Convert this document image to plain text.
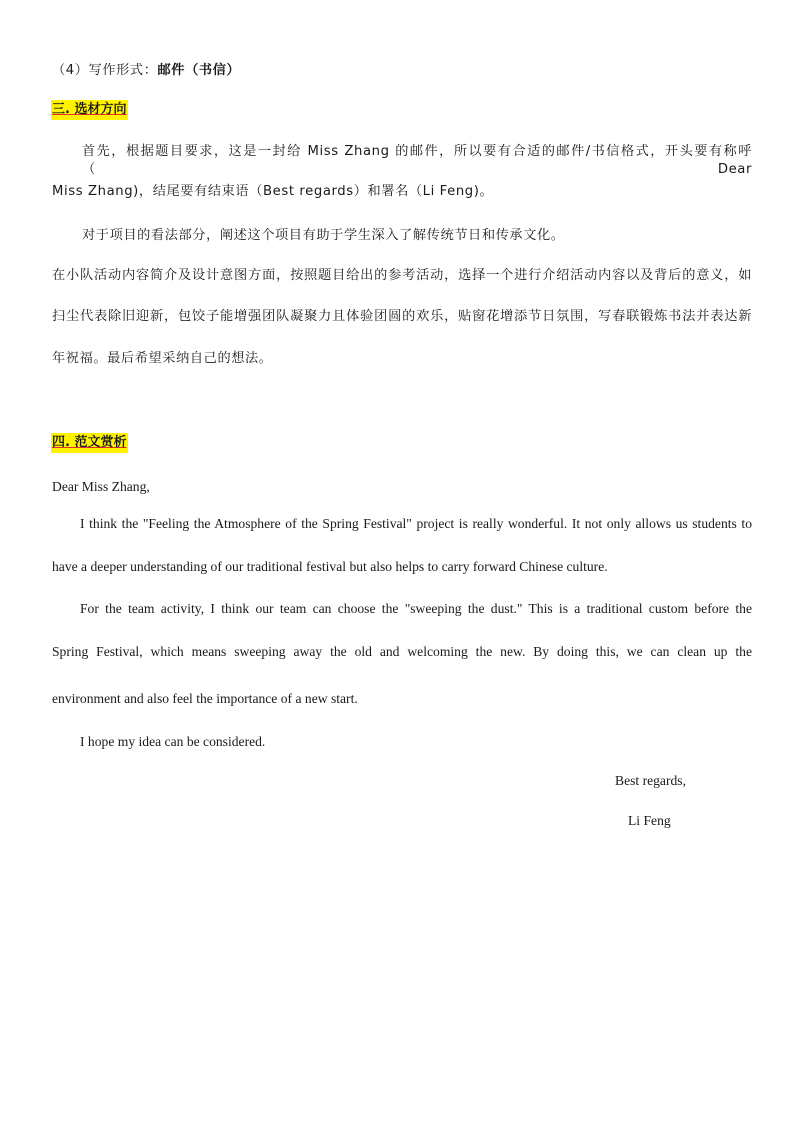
（4）写作形式：邮件（书信）
三. 选材方向
首先，根据题目要求，这是一封给 Miss Zhang 的邮件，所以要有合适的邮件/书信格式，开头要有称呼（Dear
Miss Zhang)，结尾要有结束语（Best regards）和署名（Li Feng)。
对于项目的看法部分，阐述这个项目有助于学生深入了解传统节日和传承文化。
在小队活动内容简介及设计意图方面，按照题目给出的参考活动，选择一个进行介绍活动内容以及背后的意义，如
扫尘代表除旧迎新，包饺子能增强团队凝聚力且体验团圆的欢乐，贴窗花增添节日氛围，写春联锻炼书法并表达新
年祝福。最后希望采纳自己的想法。
四. 范文赏析
Dear Miss Zhang,
I think the "Feeling the Atmosphere of the Spring Festival" project is really wonderful. It not only allows us students to
have a deeper understanding of our traditional festival but also helps to carry forward Chinese culture.
For the team activity, I think our team can choose the "sweeping the dust." This is a traditional custom before the
Spring Festival, which means sweeping away the old and welcoming the new. By doing this, we can clean up the
environment and also feel the importance of a new start.
I hope my idea can be considered.
Best regards,
Li Feng
